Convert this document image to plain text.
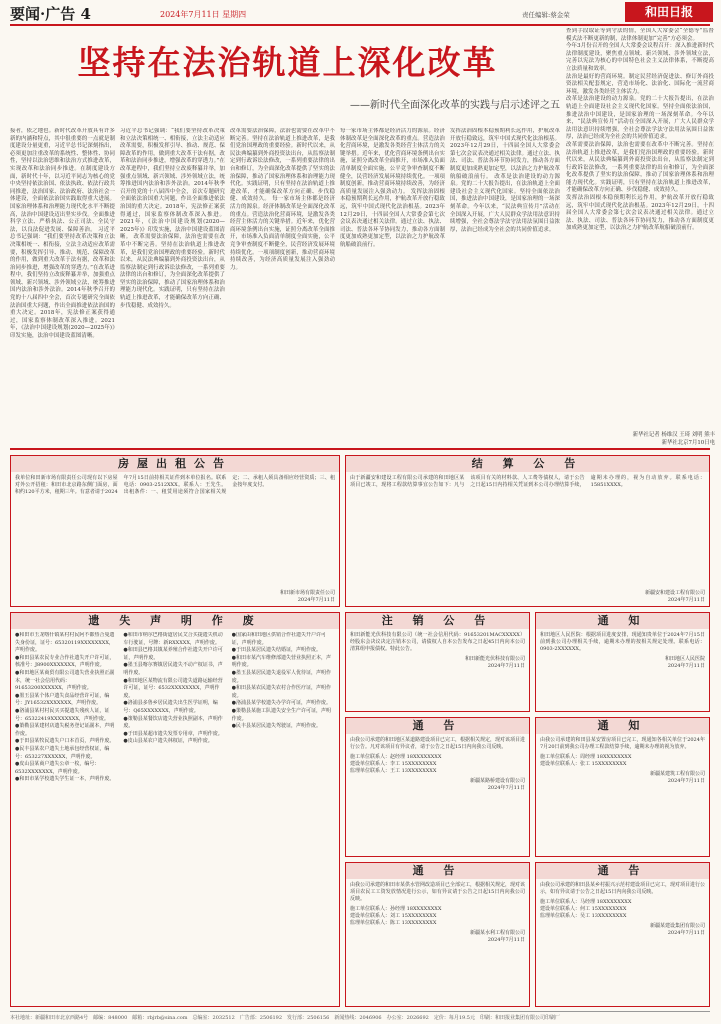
要闻·广告 4	2024年7月11日 星期四	责任编辑:蔡金荣	和田日报
坚持在法治轨道上深化改革
——新时代全面深化改革的实践与启示述评之五
查到手段取证等到守法的情，全国人大常委会“全德等”监督模式法不断更新的制，法律体制更加“完善”方必须会。
今年3月份召开的全国人大常委会议程召开：深入推进新时代法律制度建设，聚焦重点领域、新兴领域、涉外领域立法，完善以宪法为核心的中国特色社会主义法律体系，不断提高立法质量和效率。
法治是最好的营商环境。制定民营经济促进法、修订外商投资法相关配套规定，营造市场化、法治化、国际化一流营商环境，激发各类经营主体活力。
改革是法治建设的动力源泉。党的二十大报告提出，在法治轨道上全面建设社会主义现代化国家。坚持全面依法治国，推进法治中国建设，是国家治理的一场深刻革命。今年以来，“民法典宣传月”活动在全国深入开展，广大人民群众学法用法意识持续增强，全社会尊法学法守法用法氛围日益浓厚，法治已经成为全社会的共同价值追求。
改革需要法治保障，法治也需要在改革中不断完善。坚持在法治轨道上推进改革，是我们党治国理政的重要经验。新时代以来，从民法典编纂到外商投资法出台，从监察法制定到行政诉讼法修改，一系列重要法律的出台和修订，为全面深化改革提供了坚实的法治保障，推动了国家治理体系和治理能力现代化。实践证明，只有坚持在法治轨道上推进改革，才能确保改革方向正确、步伐稳健、成效持久。
发挥法治固根本稳预期利长远作用，护航改革开放行稳致远，筑牢中国式现代化法治根基。2023年12月29日，十四届全国人大常委会第七次会议表决通过相关法律。通过立法、执法、司法、普法各环节协同发力，推动各方面制度更加成熟更加定型，以法治之力护航改革航船破浪前行。
接者，依之地也。新时代改革开放具有许多新的内涵和特点，其中很重要的一点就是制度建设分量更重，习近平总书记深刻指出，必须更加注重改革的系统性、整体性、协同性，坚持以法治思维和法治方式推进改革，实现改革和法治同步推进。在制度建设方面，新时代十年，以习近平同志为核心的党中央坚持依法治国、依法执政、依法行政共同推进，法治国家、法治政府、法治社会一体建设，全面依法治国实践取得重大进展。国家治理体系和治理能力现代化水平不断提高，法治中国建设迈出坚实步伐。全面推进科学立法、严格执法、公正司法、全民守法，以良法促进发展、保障善治。 习近平总书记强调：“我们要坚持改革决策和立法决策相统一、相衔接，立法主动适应改革需要，积极发挥引导、推动、规范、保障改革的作用，做到重大改革于法有据，改革和法治同步推进，增强改革的穿透力。”在改革进程中，我们坚持立改废释纂并举，加强重点领域、新兴领域、涉外领域立法，统筹推进国内法治和涉外法治。2014年秋季召开的党的十八届四中全会，首次专题研究全面依法治国重大问题，作出全面推进依法治国的重大决定。2018年，宪法修正案获得通过，国家监察体制改革深入推进。2021年，《法治中国建设规划(2020—2025年)》印发实施，法治中国建设蓝图清晰。
习近平总书记强调：“我们要坚持改革决策和立法决策相统一、相衔接，立法主动适应改革需要，积极发挥引导、推动、规范、保障改革的作用，做到重大改革于法有据，改革和法治同步推进，增强改革的穿透力。”在改革进程中，我们坚持立改废释纂并举，加强重点领域、新兴领域、涉外领域立法，统筹推进国内法治和涉外法治。2014年秋季召开的党的十八届四中全会，首次专题研究全面依法治国重大问题，作出全面推进依法治国的重大决定。2018年，宪法修正案获得通过，国家监察体制改革深入推进。2021年，《法治中国建设规划(2020—2025年)》印发实施，法治中国建设蓝图清晰。 改革需要法治保障，法治也需要在改革中不断完善。坚持在法治轨道上推进改革，是我们党治国理政的重要经验。新时代以来，从民法典编纂到外商投资法出台，从监察法制定到行政诉讼法修改，一系列重要法律的出台和修订，为全面深化改革提供了坚实的法治保障，推动了国家治理体系和治理能力现代化。实践证明，只有坚持在法治轨道上推进改革，才能确保改革方向正确、步伐稳健、成效持久。
改革需要法治保障，法治也需要在改革中不断完善。坚持在法治轨道上推进改革，是我们党治国理政的重要经验。新时代以来，从民法典编纂到外商投资法出台，从监察法制定到行政诉讼法修改，一系列重要法律的出台和修订，为全面深化改革提供了坚实的法治保障，推动了国家治理体系和治理能力现代化。实践证明，只有坚持在法治轨道上推进改革，才能确保改革方向正确、步伐稳健、成效持久。 每一家市场主体都是经济活力的源泉。经济体制改革是全面深化改革的重点。营造法治化营商环境，是激发各类经营主体活力的关键举措。近年来，优化营商环境条例出台实施，证照分离改革全面推开，市场准入负面清单制度全面实施，公平竞争审查制度不断健全，民营经济发展环境持续优化。一项项制度创新，推动营商环境持续改善，为经济高质量发展注入强劲动力。
每一家市场主体都是经济活力的源泉。经济体制改革是全面深化改革的重点。营造法治化营商环境，是激发各类经营主体活力的关键举措。近年来，优化营商环境条例出台实施，证照分离改革全面推开，市场准入负面清单制度全面实施，公平竞争审查制度不断健全，民营经济发展环境持续优化。一项项制度创新，推动营商环境持续改善，为经济高质量发展注入强劲动力。 发挥法治固根本稳预期利长远作用，护航改革开放行稳致远，筑牢中国式现代化法治根基。2023年12月29日，十四届全国人大常委会第七次会议表决通过相关法律。通过立法、执法、司法、普法各环节协同发力，推动各方面制度更加成熟更加定型，以法治之力护航改革航船破浪前行。
发挥法治固根本稳预期利长远作用，护航改革开放行稳致远，筑牢中国式现代化法治根基。2023年12月29日，十四届全国人大常委会第七次会议表决通过相关法律。通过立法、执法、司法、普法各环节协同发力，推动各方面制度更加成熟更加定型，以法治之力护航改革航船破浪前行。 改革是法治建设的动力源泉。党的二十大报告提出，在法治轨道上全面建设社会主义现代化国家。坚持全面依法治国，推进法治中国建设，是国家治理的一场深刻革命。今年以来，“民法典宣传月”活动在全国深入开展，广大人民群众学法用法意识持续增强，全社会尊法学法守法用法氛围日益浓厚，法治已经成为全社会的共同价值追求。
新华社记者 杨维汉 王琦 刘明 熊丰
新华社北京7月10日电
房屋出租公告
我单位和田新市场有限责任公司现有以下房屋对外公开招租：和田市北京路东侧门面房，面积约120平方米，租期三年。有意者请于2024年7月15日前持相关证件到本单位报名。联系电话：0903-2512XXX。联系人：王先生。出租条件：一、租赁用途须符合国家相关规定；二、承租人须具备相应经营资质；三、租金按年度支付。
和田新市场有限责任公司
2024年7月11日
结 算 公 告
由于新疆安和建设工程有限公司承建的和田地区某项目已竣工，现将工程款结算事宜公告如下：凡与该项目有关的材料款、人工费等债权人，请于公告之日起15日内持相关凭证到本公司办理结算手续，逾期未办理的，视为自动放弃。联系电话：15851XXXX。
新疆安和建设工程有限公司
2024年7月11日
注 销 公 告
和田新能光伏科技有限公司（统一社会信用代码：91653201MACXXXXX）经股东会决议决定注销本公司，请债权人自本公告发布之日起45日内向本公司清算组申报债权。特此公告。
和田新能光伏科技有限公司
2024年7月11日
通 知
和田地区人民医院：根据项目进度安排，现通知贵单位于2024年7月15日前到我公司办理相关手续，逾期未办理的按相关规定处理。联系电话：0903-2XXXXXX。
和田地区人民医院
2024年7月11日
遗 失 声 明 作 废
●和田市玉龙喀什镇某村村民阿不都热合曼遗失身份证，证号：65320119XXXXXXXX，声明作废。
●和田县某农民专业合作社遗失开户许可证，核准号：J8900XXXXXXX，声明作废。
●和田地区某商贸有限公司遗失营业执照正副本，统一社会信用代码：91653200XXXXXX，声明作废。
●墨玉县某个体户遗失食品经营许可证，编号：JY16532XXXXXXX，声明作废。
●洛浦县某村村民买买提遗失残疾人证，证号：65322419XXXXXXXX，声明作废。
●策勒县某建材店遗失税务登记证副本，声明作废。
●于田县某牧民遗失户口本首页，声明作废。
●民丰县某农户遗失土地承包经营权证，编号：653227XXXXXX，声明作废。
●皮山县某商户遗失公章一枚，编号：6532XXXXXXX，声明作废。
●和田市某学校遗失学生证一本，声明作废。
●和田市纳尔巴格街道居民艾合买提遗失机动车行驶证，号牌：新RXXXXX，声明作废。
●和田县巴格其镇某养殖合作社遗失开户许可证，声明作废。
●墨玉县喀尔赛镇居民遗失不动产权证书，声明作废。
●和田地区某物流有限公司遗失道路运输经营许可证，证号：6532XXXXXXXX，声明作废。
●洛浦县多鲁乡居民遗失出生医学证明，编号：Q65XXXXXXX，声明作废。
●策勒县某餐饮店遗失营业执照副本，声明作废。
●于田县某超市遗失发票专用章，声明作废。
●皮山县某农户遗失林权证，声明作废。
●国家由和田地区供销合作社遗失开户许可证，声明作废。
●于田县某居民遗失结婚证，声明作废。
●和田市某汽车维修部遗失营业执照正本，声明作废。
●墨玉县某居民遗失退役军人优待证，声明作废。
●和田县某农民遗失农村合作医疗证，声明作废。
●洛浦县某学校遗失办学许可证，声明作废。
●策勒县某施工队遗失安全生产许可证，声明作废。
●民丰县某居民遗失驾驶证，声明作废。	通 告
由我公司承建的和田地区某道路建设项目已完工，根据相关规定，现对该项目进行公告。凡对该项目有异议者，请于公告之日起15日内向我公司反映。
施工单位联系人：赵经理 18XXXXXXXX
建设单位联系人：李工 15XXXXXXXX
监理单位联系人：王工 13XXXXXXXX
新疆某路桥建设有限公司
2024年7月11日
通 知
由我公司承建的和田县某安置房项目已完工，现通知各相关单位于2024年7月20日前到我公司办理工程款结算手续，逾期未办理的视为放弃。
施工单位联系人：周经理 18XXXXXXXX
建设单位联系人：张工 15XXXXXXXX
新疆某建筑工程有限公司
2024年7月11日
通 告
由我公司承建的和田市某供水管网改造项目已全部完工，根据相关规定，现对该项目农民工工资发放情况进行公示，如有异议请于公告之日起15日内向我公司反映。
施工单位联系人：孙经理 18XXXXXXXX
建设单位联系人：刘工 15XXXXXXXX
监理单位联系人：陈工 13XXXXXXXX
新疆某水利工程有限公司
2024年7月11日
通 告
由我公司承建的和田县某乡村振兴示范村建设项目已完工，现对项目进行公示，如有异议请于公告之日起15日内向我公司反映。
施工单位联系人：马经理 18XXXXXXXX
建设单位联系人：何工 15XXXXXXXX
监理单位联系人：吴工 13XXXXXXXX
新疆某建设集团有限公司
2024年7月11日
本社地址：新疆和田市北京西路4号　邮编：848000　邮箱：rbjrb@sina.com　总编室：2032512　广告部：2506192　发行部：2506156　新闻热线：2046906　办公室：2026692　定价：每月19.5元　印刷：和田报业集团有限公司印刷厂
